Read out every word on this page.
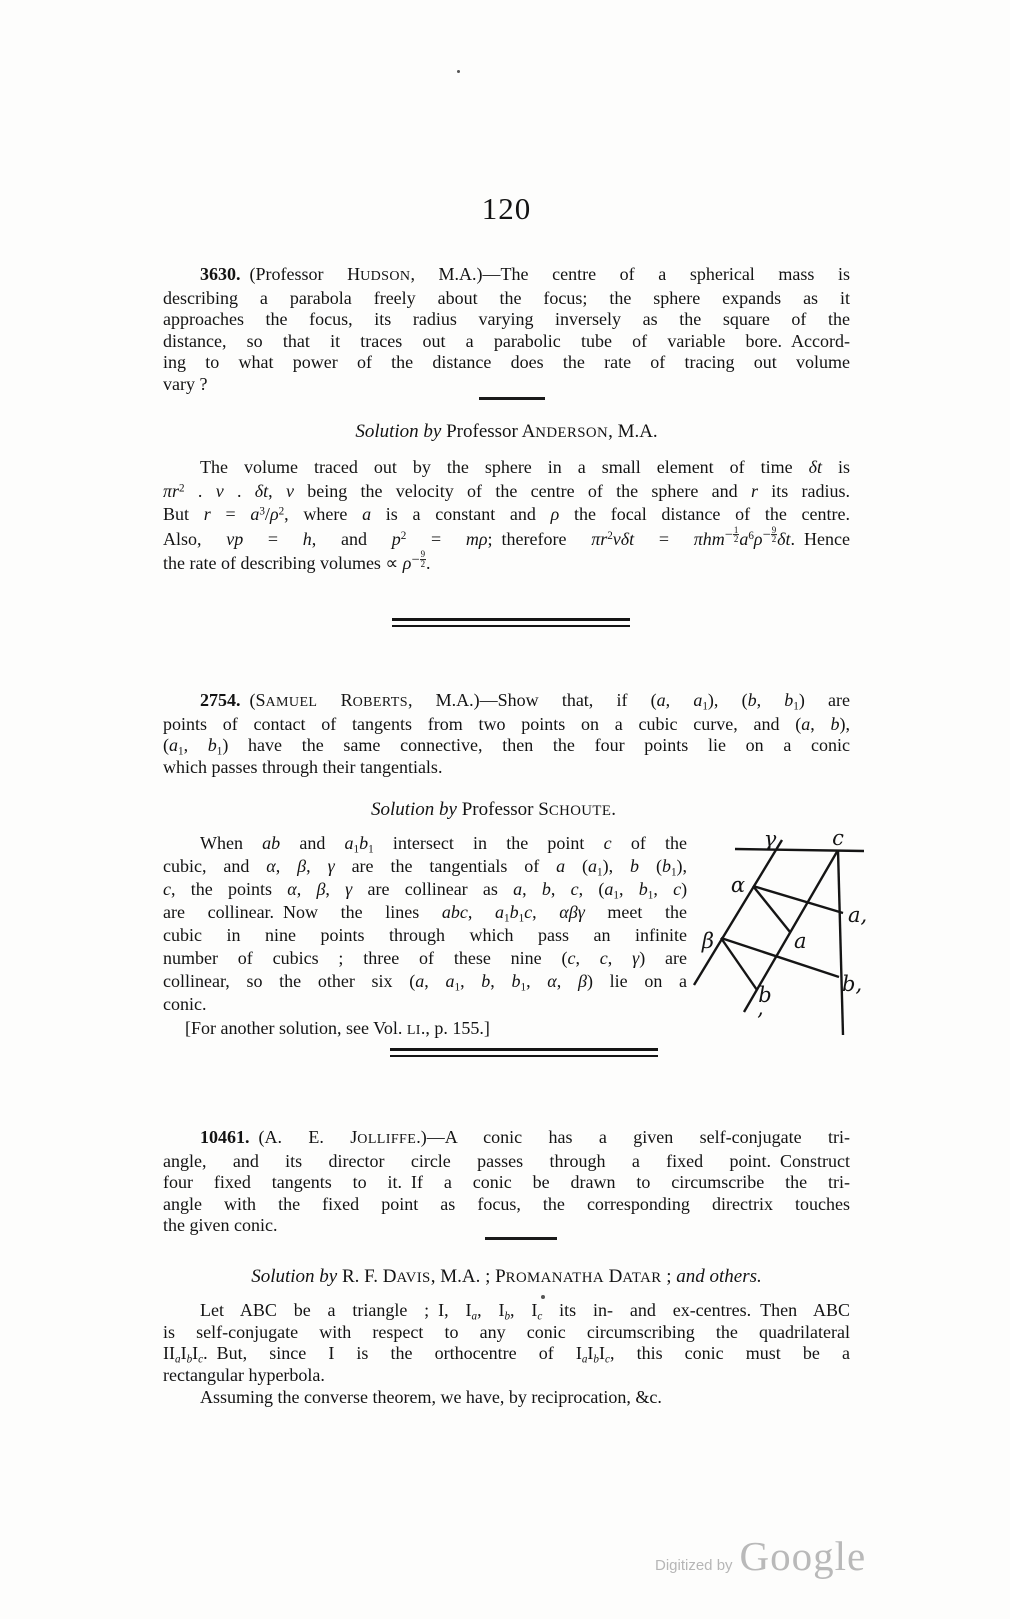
120
3630. (Professor HUDSON, M.A.)—The centre of a spherical mass is
describing a parabola freely about the focus; the sphere expands as it
approaches the focus, its radius varying inversely as the square of the
distance, so that it traces out a parabolic tube of variable bore. Accord-
ing to what power of the distance does the rate of tracing out volume
vary ?
Solution by Professor ANDERSON, M.A.
The volume traced out by the sphere in a small element of time δt is
$\pi r^2$ . v . δt, v being the velocity of the centre of the sphere and r its radius.
But $r = a^3/\rho^2$, where a is a constant and ρ the focal distance of the centre.
Also, vp = h, and $p^2 = m\rho$; therefore $\pi r^2v\delta t = \pi hm^{- \frac{1}{2}}$ $a^6\rho^{- \frac{9}{2}}$ δt. Hence
the rate of describing volumes ∝ $\rho^{- \frac{9}{2}}$ .
2754. (SAMUEL ROBERTS, M.A.)—Show that, if (a, $a_1$), (b, $b_1$) are
points of contact of tangents from two points on a cubic curve, and (a, b),
($a_1$, $b_1$) have the same connective, then the four points lie on a conic
which passes through their tangentials.
Solution by Professor SCHOUTE.
When ab and $a_1b_1$ intersect in the point c of the
cubic, and α, β, γ are the tangentials of a $(a_1)$, b $(b_1)$,
c, the points α, β, γ are collinear as a, b, c, ($a_1$, $b_1$, c)
are collinear. Now the lines abc, $a_1b_1c$, αβγ meet the
cubic in nine points through which pass an infinite
number of cubics ; three of these nine (c, c, γ) are
collinear, so the other six (a, $a_1$, b, $b_1$, α, β) lie on a
conic.
γ	c
α
a,
β	a
b	b,
’
[For another solution, see Vol. LI., p. 155.]
10461. (A. E. JOLLIFFE.)—A conic has a given self-conjugate tri-
angle, and its director circle passes through a fixed point. Construct
four fixed tangents to it. If a conic be drawn to circumscribe the tri-
angle with the fixed point as focus, the corresponding directrix touches
the given conic.
Solution by R. F. DAVIS, M.A. ; PROMANATHA DATAR ; and others.
Let ABC be a triangle ; I, $I_a$, $I_b$, $I_c$ its in- and ex-centres. Then ABC
is self-conjugate with respect to any conic circumscribing the quadrilateral
$II_aI_bI_c$. But, since I is the orthocentre of $I_aI_bI_c$, this conic must be a
rectangular hyperbola.
Assuming the converse theorem, we have, by reciprocation, &c.
Digitized by Google
